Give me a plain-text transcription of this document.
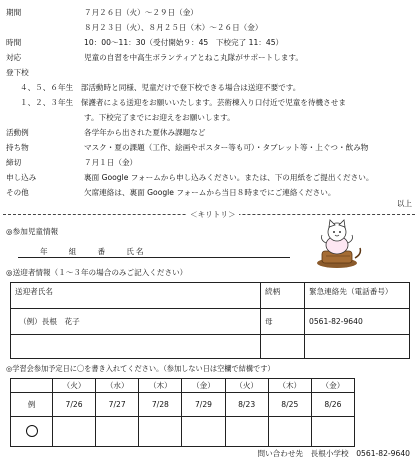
期間	７月２６日（火）～２９日（金）
８月２３日（火）、８月２５日（木）～２６日（金）
時間	10：00～11：30（受付開始９：45　下校完了 11：45）
対応	児童の自習を中高生ボランティアとねこ丸隊がサポートします。
登下校
４、５、６年生　部活動時と同様、児童だけで登下校できる場合は送迎不要です。
１、２、３年生　保護者による送迎をお願いいたします。芸術棟入り口付近で児童を待機させま
す。下校完了までにお迎えをお願いします。
活動例	各学年から出された夏休み課題など
持ち物	マスク・夏の課題（工作、絵画やポスター等も可）・タブレット等・上ぐつ・飲み物
締切	７月１日（金）
申し込み	裏面 Google フォームから申し込みください。または、下の用紙をご提出ください。
その他	欠席連絡は、裏面 Google フォームから当日８時までにご連絡ください。
以上
＜キリトリ＞
◎参加児童情報
年　　組　　番　　氏名
◎送迎者情報（１～３年の場合のみご記入ください）
送迎者氏名	続柄	緊急連絡先（電話番号）
（例）長根　花子	母	0561-82-9640

◎学習会参加予定日に〇を書き入れてください。（参加しない日は空欄で結構です）
	（火）	（水）	（木）	（金）	（火）	（木）	（金）
例	7/26	7/27	7/28	7/29	8/23	8/25	8/26

問い合わせ先　長根小学校　0561-82-9640
